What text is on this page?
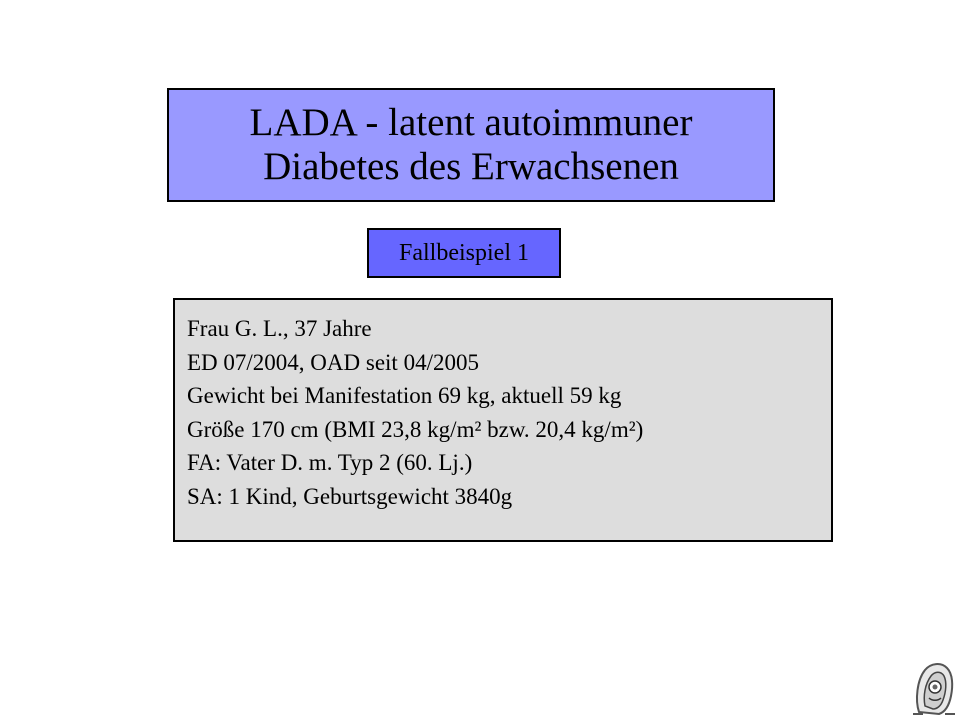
LADA - latent autoimmuner
Diabetes des Erwachsenen
Fallbeispiel 1
Frau G. L., 37 Jahre
ED 07/2004, OAD seit 04/2005
Gewicht bei Manifestation 69 kg, aktuell 59 kg
Größe 170 cm (BMI 23,8 kg/m² bzw. 20,4 kg/m²)
FA: Vater D. m. Typ 2 (60. Lj.)
SA: 1 Kind, Geburtsgewicht 3840g
